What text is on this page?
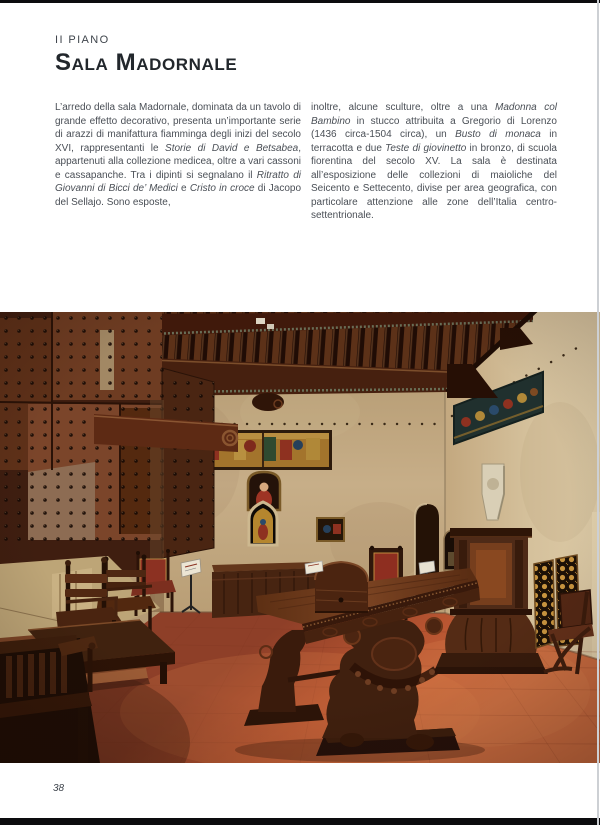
II PIANO
Sala Madornale
L’arredo della sala Madornale, dominata da un tavolo di grande effetto decorativo, presenta un’importante serie di arazzi di manifattura fiamminga degli inizi del secolo XVI, rappresentanti le Storie di David e Betsabea, appartenuti alla collezione medicea, oltre a vari cassoni e cassapanche. Tra i dipinti si segnalano il Ritratto di Giovanni di Bicci de’ Medici e Cristo in croce di Jacopo del Sellajo. Sono esposte,
inoltre, alcune sculture, oltre a una Madonna col Bambino in stucco attribuita a Gregorio di Lorenzo (1436 circa-1504 circa), un Busto di monaca in terracotta e due Teste di giovinetto in bronzo, di scuola fiorentina del secolo XV. La sala è destinata all’esposizione delle collezioni di maioliche del Seicento e Settecento, divise per area geografica, con particolare attenzione alle zone dell’Italia centro-settentrionale.
38
